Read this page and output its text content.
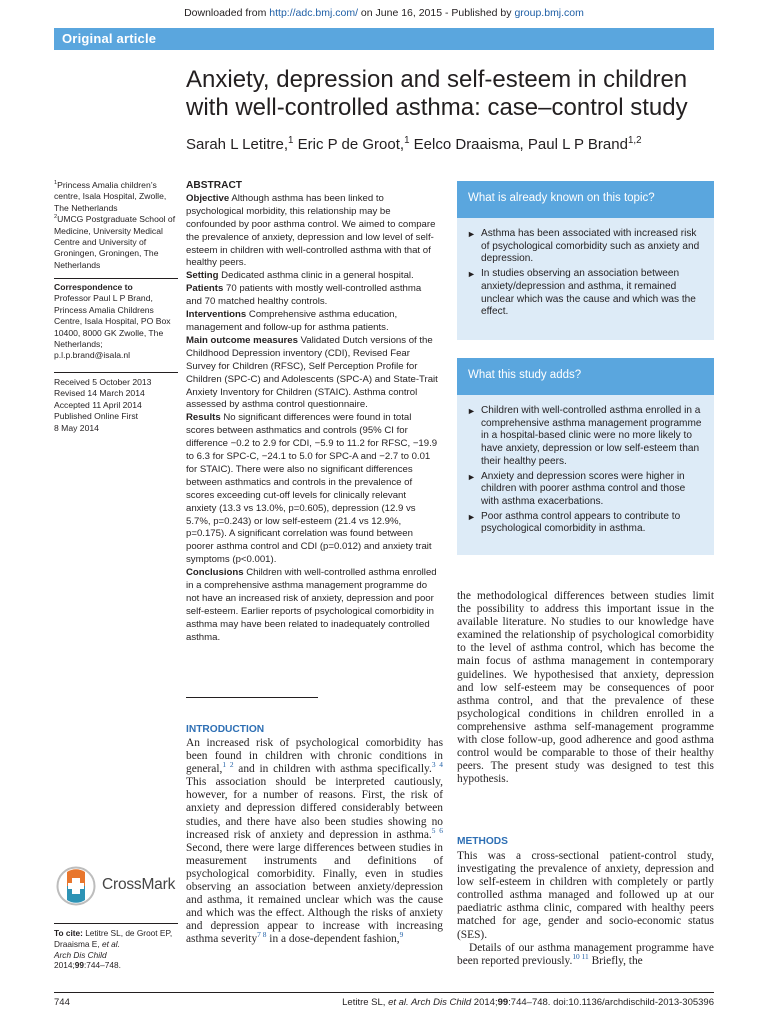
Downloaded from http://adc.bmj.com/ on June 16, 2015 - Published by group.bmj.com
Original article
Anxiety, depression and self-esteem in children
with well-controlled asthma: case–control study
Sarah L Letitre,$^1$ Eric P de Groot,$^1$ Eelco Draaisma, Paul L P Brand$^{1,2}$
$^1$Princess Amalia children’s centre, Isala Hospital, Zwolle, The Netherlands
$^2$UMCG Postgraduate School of Medicine, University Medical Centre and University of Groningen, Groningen, The Netherlands
Correspondence to
Professor Paul L P Brand, Princess Amalia Childrens Centre, Isala Hospital, PO Box 10400, 8000 GK Zwolle, The Netherlands; p.l.p.brand@isala.nl
Received 5 October 2013
Revised 14 March 2014
Accepted 11 April 2014
Published Online First
8 May 2014
CrossMark
To cite: Letitre SL, de Groot EP, Draaisma E, et al.
Arch Dis Child
2014;99:744–748.
ABSTRACT

Objective Although asthma has been linked to psychological morbidity, this relationship may be confounded by poor asthma control. We aimed to compare the prevalence of anxiety, depression and low level of self-esteem in children with well-controlled asthma with that of healthy peers.

Setting Dedicated asthma clinic in a general hospital.

Patients 70 patients with mostly well-controlled asthma and 70 matched healthy controls.

Interventions Comprehensive asthma education, management and follow-up for asthma patients.

Main outcome measures Validated Dutch versions of the Childhood Depression inventory (CDI), Revised Fear Survey for Children (RFSC), Self Perception Profile for Children (SPC-C) and Adolescents (SPC-A) and State-Trait Anxiety Inventory for Children (STAIC). Asthma control assessed by asthma control questionnaire.

Results No significant differences were found in total scores between asthmatics and controls (95% CI for difference −0.2 to 2.9 for CDI, −5.9 to 11.2 for RFSC, −19.9 to 6.3 for SPC-C, −24.1 to 5.0 for SPC-A and −2.7 to 0.01 for STAIC). There were also no significant differences between asthmatics and controls in the prevalence of scores exceeding cut-off levels for clinically relevant anxiety (13.3 vs 13.0%, p=0.605), depression (12.9 vs 5.7%, p=0.243) or low self-esteem (21.4 vs 12.9%, p=0.175). A significant correlation was found between poorer asthma control and CDI (p=0.012) and anxiety trait symptoms (p<0.001).

Conclusions Children with well-controlled asthma enrolled in a comprehensive asthma management programme do not have an increased risk of anxiety, depression and poor self-esteem. Earlier reports of psychological comorbidity in asthma may have been related to inadequately controlled asthma.

INTRODUCTION

An increased risk of psychological comorbidity has been found in children with chronic conditions in general,$^{1 2}$ and in children with asthma specifically.$^{3 4}$ This association should be interpreted cautiously, however, for a number of reasons. First, the risk of anxiety and depression differed considerably between studies, and there have also been studies showing no increased risk of anxiety and depression in asthma.$^{5 6}$ Second, there were large differences between studies in measurement instruments and definitions of psychological comorbidity. Finally, even in studies observing an association between anxiety/depression and asthma, it remained unclear which was the cause and which was the effect. Although the risks of anxiety and depression appear to increase with increasing asthma severity$^{7 8}$ in a dose-dependent fashion,$^9$

What is already known on this topic?
► Asthma has been associated with increased risk of psychological comorbidity such as anxiety and depression.
► In studies observing an association between anxiety/depression and asthma, it remained unclear which was the cause and which was the effect.
What this study adds?
► Children with well-controlled asthma enrolled in a comprehensive asthma management programme in a hospital-based clinic were no more likely to have anxiety, depression or low self-esteem than their healthy peers.
► Anxiety and depression scores were higher in children with poorer asthma control and those with asthma exacerbations.
► Poor asthma control appears to contribute to psychological comorbidity in asthma.

the methodological differences between studies limit the possibility to address this important issue in the available literature. No studies to our knowledge have examined the relationship of psychological comorbidity to the level of asthma control, which has become the main focus of asthma management in contemporary guidelines. We hypothesised that anxiety, depression and low self-esteem may be consequences of poor asthma control, and that the prevalence of these psychological conditions in children enrolled in a comprehensive asthma self-management programme with close follow-up, good adherence and good asthma control would be comparable to those of their healthy peers. The present study was designed to test this hypothesis.

METHODS

This was a cross-sectional patient-control study, investigating the prevalence of anxiety, depression and low self-esteem in children with completely or partly controlled asthma managed and followed up at our paediatric asthma clinic, compared with healthy peers matched for age, gender and socio-economic status (SES).

Details of our asthma management programme have been reported previously.$^{10 11}$ Briefly, the

744	Letitre SL, et al. Arch Dis Child 2014;99:744–748. doi:10.1136/archdischild-2013-305396
